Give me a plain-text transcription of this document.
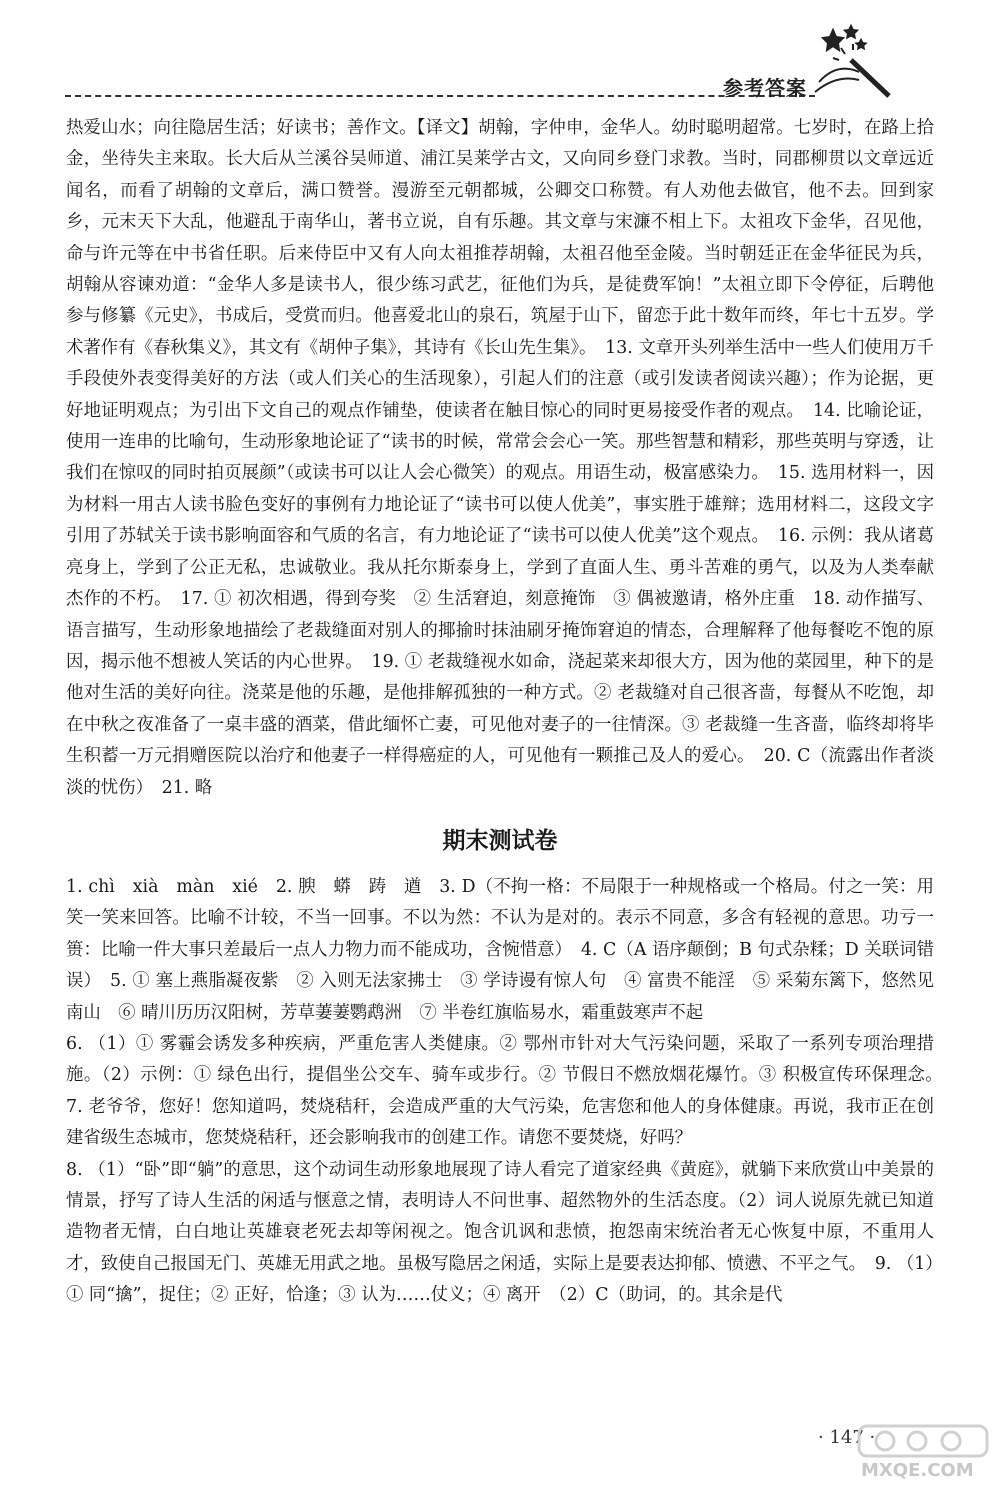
参考答案

热爱山水；向往隐居生活；好读书；善作文。【译文】胡翰，字仲申，金华人。幼时聪明超常。七岁时，在路上拾金，坐待失主来取。长大后从兰溪谷吴师道、浦江吴莱学古文，又向同乡登门求教。当时，同郡柳贯以文章远近闻名，而看了胡翰的文章后，满口赞誉。漫游至元朝都城，公卿交口称赞。有人劝他去做官，他不去。回到家乡，元末天下大乱，他避乱于南华山，著书立说，自有乐趣。其文章与宋濂不相上下。太祖攻下金华，召见他，命与许元等在中书省任职。后来侍臣中又有人向太祖推荐胡翰，太祖召他至金陵。当时朝廷正在金华征民为兵，胡翰从容谏劝道：“金华人多是读书人，很少练习武艺，征他们为兵，是徒费军饷！”太祖立即下令停征，后聘他参与修纂《元史》，书成后，受赏而归。他喜爱北山的泉石，筑屋于山下，留恋于此十数年而终，年七十五岁。学术著作有《春秋集义》，其文有《胡仲子集》，其诗有《长山先生集》。　13. 文章开头列举生活中一些人们使用万千手段使外表变得美好的方法（或人们关心的生活现象），引起人们的注意（或引发读者阅读兴趣）；作为论据，更好地证明观点；为引出下文自己的观点作铺垫，使读者在触目惊心的同时更易接受作者的观点。　14. 比喻论证，使用一连串的比喻句，生动形象地论证了“读书的时候，常常会会心一笑。那些智慧和精彩，那些英明与穿透，让我们在惊叹的同时拍页展颜”（或读书可以让人会心微笑）的观点。用语生动，极富感染力。　15. 选用材料一，因为材料一用古人读书脸色变好的事例有力地论证了“读书可以使人优美”，事实胜于雄辩；选用材料二，这段文字引用了苏轼关于读书影响面容和气质的名言，有力地论证了“读书可以使人优美”这个观点。　16. 示例：我从诸葛亮身上，学到了公正无私，忠诚敬业。我从托尔斯泰身上，学到了直面人生、勇斗苦难的勇气，以及为人类奉献杰作的不朽。　17. ① 初次相遇，得到夸奖　② 生活窘迫，刻意掩饰　③ 偶被邀请，格外庄重　18. 动作描写、语言描写，生动形象地描绘了老裁缝面对别人的揶揄时抹油刷牙掩饰窘迫的情态，合理解释了他每餐吃不饱的原因，揭示他不想被人笑话的内心世界。　19. ① 老裁缝视水如命，浇起菜来却很大方，因为他的菜园里，种下的是他对生活的美好向往。浇菜是他的乐趣，是他排解孤独的一种方式。② 老裁缝对自己很吝啬，每餐从不吃饱，却在中秋之夜准备了一桌丰盛的酒菜，借此缅怀亡妻，可见他对妻子的一往情深。③ 老裁缝一生吝啬，临终却将毕生积蓄一万元捐赠医院以治疗和他妻子一样得癌症的人，可见他有一颗推己及人的爱心。　20. C（流露出作者淡淡的忧伤）　21. 略

期末测试卷

1. chì　xià　màn　xié　2. 腴　蟒　踌　遒　3. D（不拘一格：不局限于一种规格或一个格局。付之一笑：用笑一笑来回答。比喻不计较，不当一回事。不以为然：不认为是对的。表示不同意，多含有轻视的意思。功亏一篑：比喻一件大事只差最后一点人力物力而不能成功，含惋惜意）　4. C（A 语序颠倒；B 句式杂糅；D 关联词错误）　5. ① 塞上燕脂凝夜紫　② 入则无法家拂士　③ 学诗谩有惊人句　④ 富贵不能淫　⑤ 采菊东篱下，悠然见南山　⑥ 晴川历历汉阳树，芳草萋萋鹦鹉洲　⑦ 半卷红旗临易水，霜重鼓寒声不起

6. （1）① 雾霾会诱发多种疾病，严重危害人类健康。② 鄂州市针对大气污染问题，采取了一系列专项治理措施。（2）示例：① 绿色出行，提倡坐公交车、骑车或步行。② 节假日不燃放烟花爆竹。③ 积极宣传环保理念。　7. 老爷爷，您好！您知道吗，焚烧秸秆，会造成严重的大气污染，危害您和他人的身体健康。再说，我市正在创建省级生态城市，您焚烧秸秆，还会影响我市的创建工作。请您不要焚烧，好吗？

8. （1）“卧”即“躺”的意思，这个动词生动形象地展现了诗人看完了道家经典《黄庭》，就躺下来欣赏山中美景的情景，抒写了诗人生活的闲适与惬意之情，表明诗人不问世事、超然物外的生活态度。（2）词人说原先就已知道造物者无情，白白地让英雄衰老死去却等闲视之。饱含讥讽和悲愤，抱怨南宋统治者无心恢复中原，不重用人才，致使自己报国无门、英雄无用武之地。虽极写隐居之闲适，实际上是要表达抑郁、愤懑、不平之气。　9. （1）① 同“擒”，捉住；② 正好，恰逢；③ 认为……仗义；④ 离开　（2）C（助词，的。其余是代

· 147 ·
MXQE.COM
